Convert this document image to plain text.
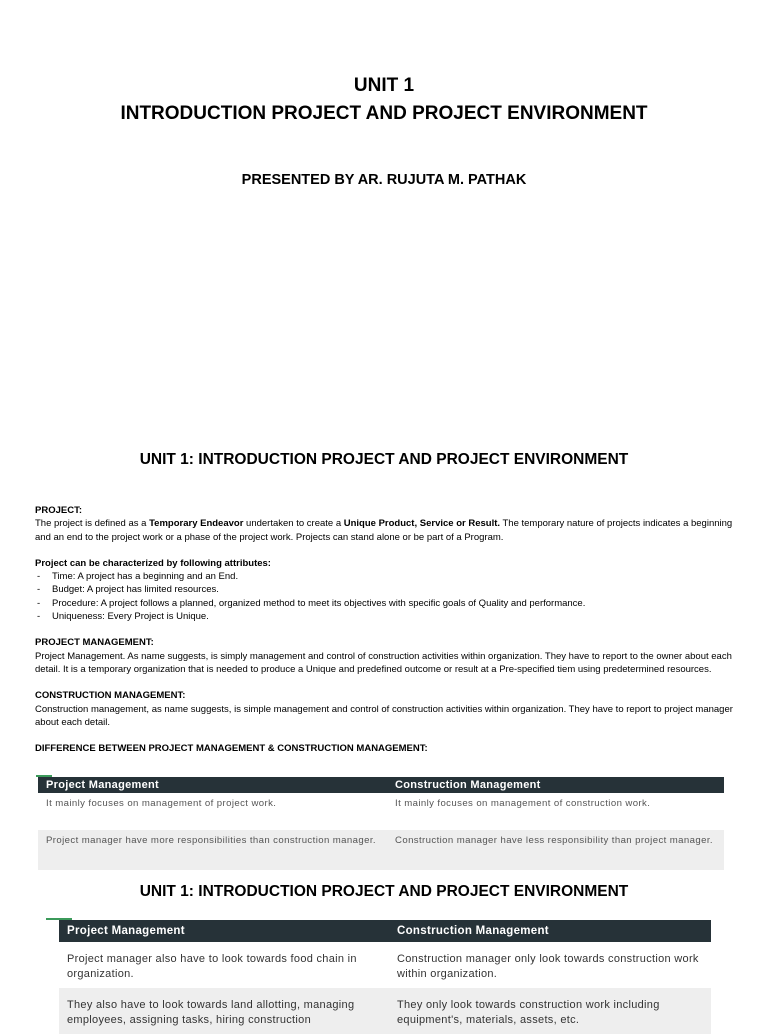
UNIT 1
INTRODUCTION PROJECT AND PROJECT ENVIRONMENT
PRESENTED BY AR. RUJUTA M. PATHAK
UNIT 1: INTRODUCTION PROJECT AND PROJECT ENVIRONMENT
PROJECT:

The project is defined as a Temporary Endeavor undertaken to create a Unique Product, Service or Result. The temporary nature of projects indicates a beginning and an end to the project work or a phase of the project work. Projects can stand alone or be part of a Program.

Project can be characterized by following attributes:
- Time: A project has a beginning and an End.
- Budget: A project has limited resources.
- Procedure: A project follows a planned, organized method to meet its objectives with specific goals of Quality and performance.
- Uniqueness: Every Project is Unique.
PROJECT MANAGEMENT:

Project Management. As name suggests, is simply management and control of construction activities within organization. They have to report to the owner about each detail. It is a temporary organization that is needed to produce a Unique and predefined outcome or result at a Pre-specified tiem using predetermined resources.

CONSTRUCTION MANAGEMENT:

Construction management, as name suggests, is simple management and control of construction activities within organization. They have to report to project manager about each detail.

DIFFERENCE BETWEEN PROJECT MANAGEMENT & CONSTRUCTION MANAGEMENT:
Project Management	Construction Management
It mainly focuses on management of project work.	It mainly focuses on management of construction work.
Project manager have more responsibilities than construction manager.	Construction manager have less responsibility than project manager.
UNIT 1: INTRODUCTION PROJECT AND PROJECT ENVIRONMENT
Project Management	Construction Management
Project manager also have to look towards food chain in organization.	Construction manager only look towards construction work within organization.
They also have to look towards land allotting, managing employees, assigning tasks, hiring construction	They only look towards construction work including equipment's, materials, assets, etc.
